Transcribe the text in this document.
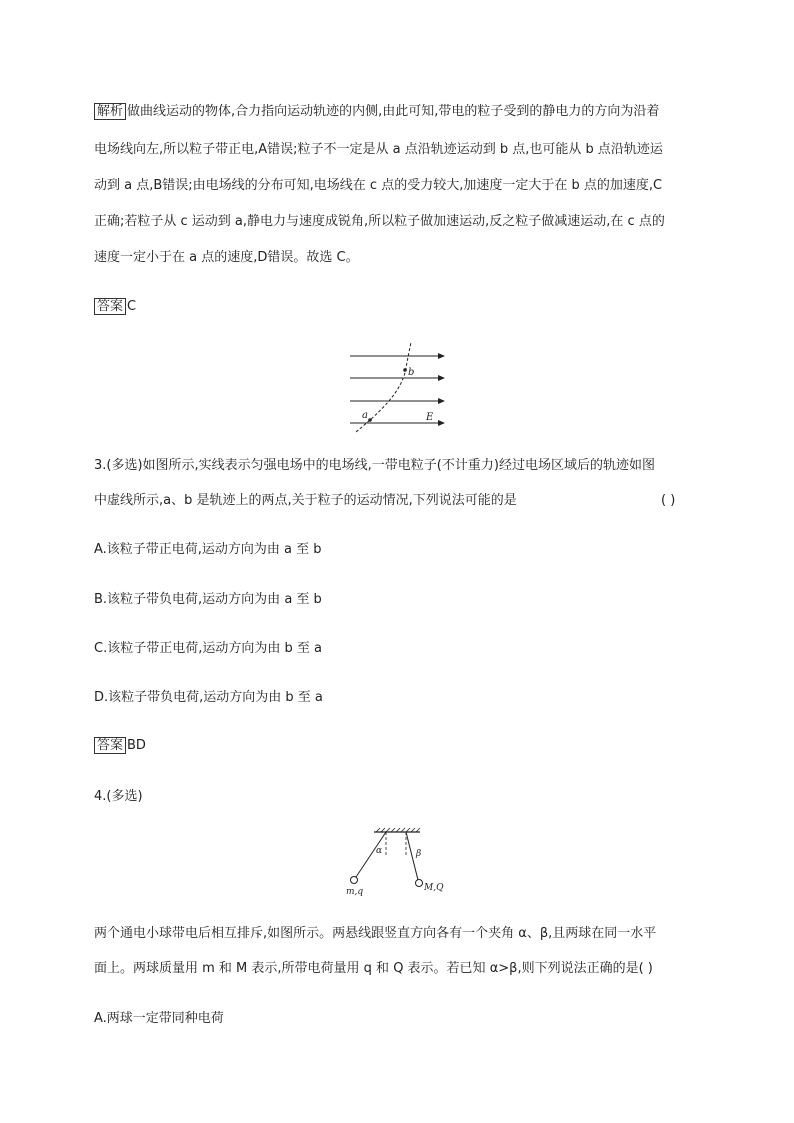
解析 做曲线运动的物体,合力指向运动轨迹的内侧,由此可知,带电的粒子受到的静电力的方向为沿着
电场线向左,所以粒子带正电,A错误;粒子不一定是从 a 点沿轨迹运动到 b 点,也可能从 b 点沿轨迹运
动到 a 点,B错误;由电场线的分布可知,电场线在 c 点的受力较大,加速度一定大于在 b 点的加速度,C
正确;若粒子从 c 运动到 a,静电力与速度成锐角,所以粒子做加速运动,反之粒子做减速运动,在 c 点的
速度一定小于在 a 点的速度,D错误。故选 C。
答案 C
b
a	E
3.(多选)如图所示,实线表示匀强电场中的电场线,一带电粒子(不计重力)经过电场区域后的轨迹如图
中虚线所示,a、b 是轨迹上的两点,关于粒子的运动情况,下列说法可能的是	( )
A.该粒子带正电荷,运动方向为由 a 至 b
B.该粒子带负电荷,运动方向为由 a 至 b
C.该粒子带正电荷,运动方向为由 b 至 a
D.该粒子带负电荷,运动方向为由 b 至 a
答案 BD
4.(多选)
α	β
m,q	M,Q
两个通电小球带电后相互排斥,如图所示。两悬线跟竖直方向各有一个夹角 α、β,且两球在同一水平
面上。两球质量用 m 和 M 表示,所带电荷量用 q 和 Q 表示。若已知 α>β,则下列说法正确的是( )
A.两球一定带同种电荷
